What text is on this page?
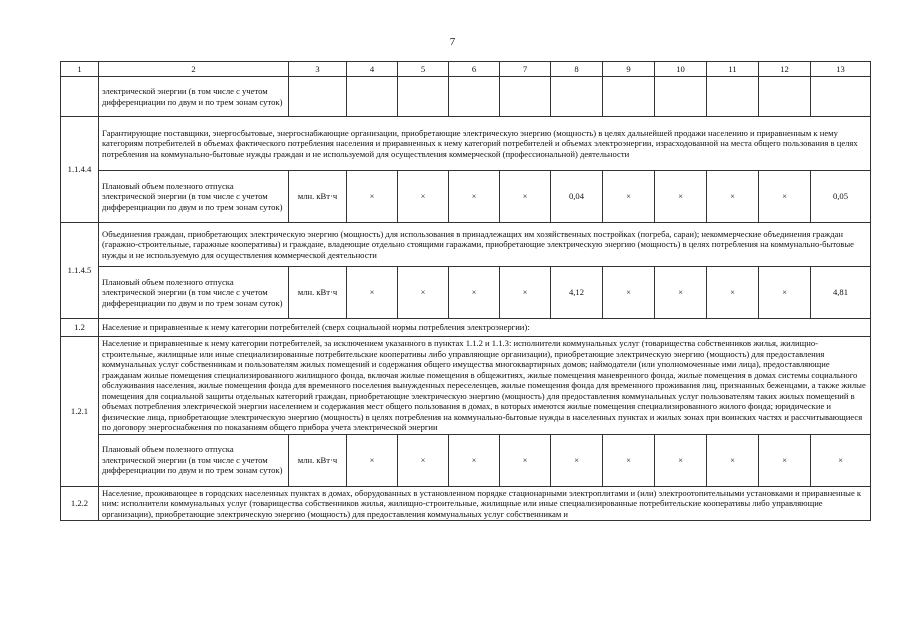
7
1	2	3	4	5	6	7	8	9	10	11	12	13
	электрической энергии (в том числе с учетом дифференциации по двум и по трем зонам суток)											
1.1.4.4	Гарантирующие поставщики, энергосбытовые, энергоснабжающие организации, приобретающие электрическую энергию (мощность) в целях дальнейшей продажи населению и приравненным к нему категориям потребителей в объемах фактического потребления населения и приравненных к нему категорий потребителей и объемах электроэнергии, израсходованной на места общего пользования в целях потребления на коммунально-бытовые нужды граждан и не используемой для осуществления коммерческой (профессиональной) деятельности											
	Плановый объем полезного отпуска электрической энергии (в том числе с учетом дифференциации по двум и по трем зонам суток)	млн. кВт·ч	×	×	×	×	0,04	×	×	×	×	0,05
1.1.4.5	Объединения граждан, приобретающих электрическую энергию (мощность) для использования в принадлежащих им хозяйственных постройках (погреба, сараи); некоммерческие объединения граждан (гаражно-строительные, гаражные кооперативы) и граждане, владеющие отдельно стоящими гаражами, приобретающие электрическую энергию (мощность) в целях потребления на коммунально-бытовые нужды и не используемую для осуществления коммерческой деятельности											
	Плановый объем полезного отпуска электрической энергии (в том числе с учетом дифференциации по двум и по трем зонам суток)	млн. кВт·ч	×	×	×	×	4,12	×	×	×	×	4,81
1.2	Население и приравненные к нему категории потребителей (сверх социальной нормы потребления электроэнергии):											
1.2.1	Население и приравненные к нему категории потребителей, за исключением указанного в пунктах 1.1.2 и 1.1.3: исполнители коммунальных услуг (товарищества собственников жилья, жилищно-строительные, жилищные или иные специализированные потребительские кооперативы либо управляющие организации), приобретающие электрическую энергию (мощность) для предоставления коммунальных услуг собственникам и пользователям жилых помещений и содержания общего имущества многоквартирных домов; наймодатели (или уполномоченные ими лица), предоставляющие гражданам жилые помещения специализированного жилищного фонда, включая жилые помещения в общежитиях, жилые помещения маневренного фонда, жилые помещения в домах системы социального обслуживания населения, жилые помещения фонда для временного поселения вынужденных переселенцев, жилые помещения фонда для временного проживания лиц, признанных беженцами, а также жилые помещения для социальной защиты отдельных категорий граждан, приобретающие электрическую энергию (мощность) для предоставления коммунальных услуг пользователям таких жилых помещений в объемах потребления электрической энергии населением и содержания мест общего пользования в домах, в которых имеются жилые помещения специализированного жилого фонда; юридические и физические лица, приобретающие электрическую энергию (мощность) в целях потребления на коммунально-бытовые нужды в населенных пунктах и жилых зонах при воинских частях и рассчитывающиеся по договору энергоснабжения по показаниям общего прибора учета электрической энергии											
	Плановый объем полезного отпуска электрической энергии (в том числе с учетом дифференциации по двум и по трем зонам суток)	млн. кВт·ч	×	×	×	×	×	×	×	×	×	×
1.2.2	Население, проживающее в городских населенных пунктах в домах, оборудованных в установленном порядке стационарными электроплитами и (или) электроотопительными установками и приравненные к ним: исполнители коммунальных услуг (товарищества собственников жилья, жилищно-строительные, жилищные или иные специализированные потребительские кооперативы либо управляющие организации), приобретающие электрическую энергию (мощность) для предоставления коммунальных услуг собственникам и											
